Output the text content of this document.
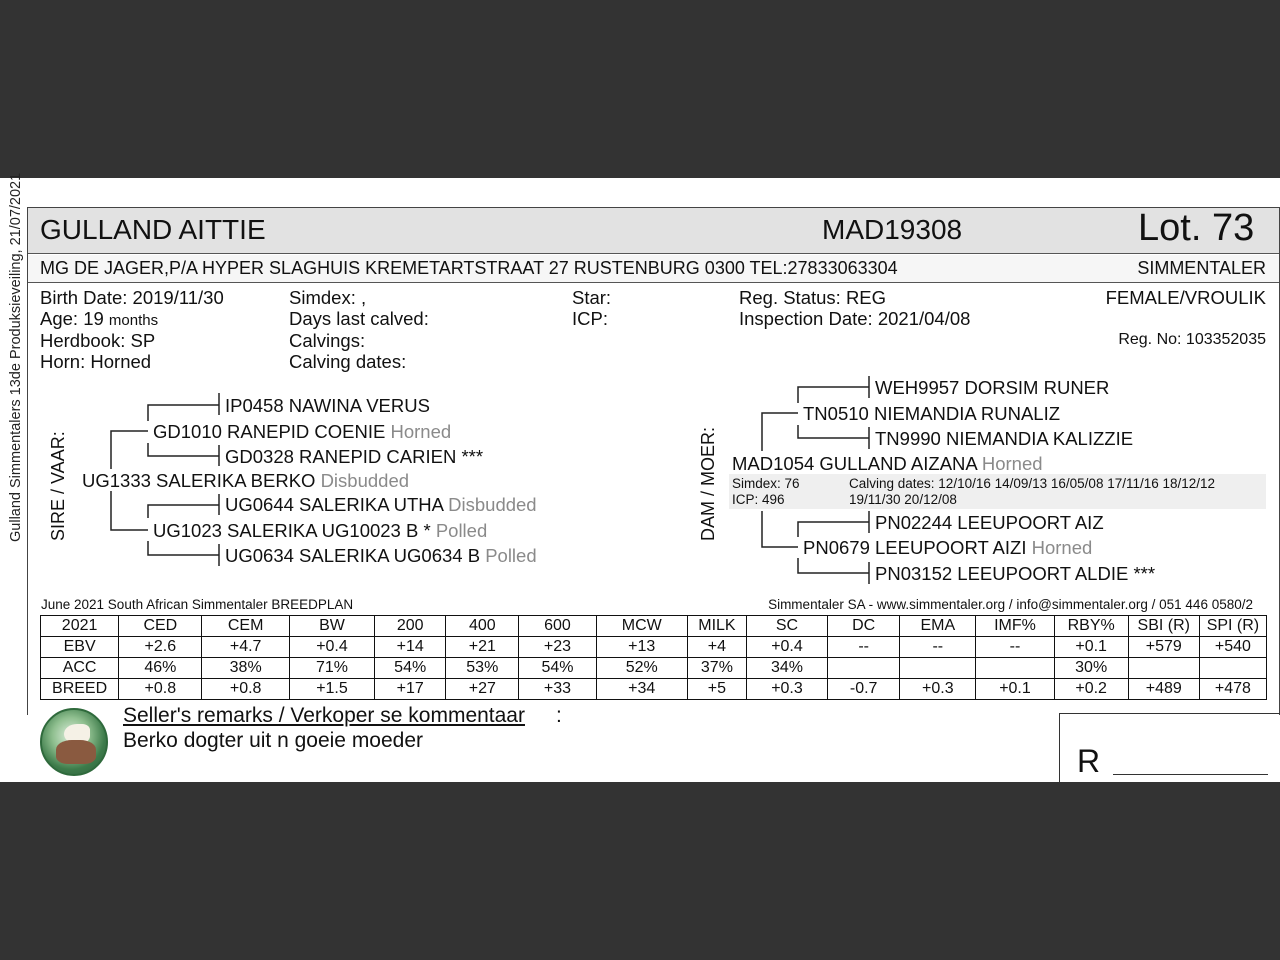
Gulland Simmentalers 13de Produksieveiling, 21/07/2021 GULLAND AITTIE	MAD19308	Lot. 73
MG DE JAGER,P/A HYPER SLAGHUIS KREMETARTSTRAAT 27 RUSTENBURG 0300 TEL:27833063304	SIMMENTALER
Birth Date: 2019/11/30
Age: 19 months
Herdbook: SP
Horn: Horned
Simdex: ,
Days last calved:
Calvings:
Calving dates:
Star:
ICP:
Reg. Status: REG
Inspection Date: 2021/04/08
FEMALE/VROULIK
Reg. No: 103352035
SIRE / VAAR:
IP0458 NAWINA VERUS
GD1010 RANEPID COENIE Horned
GD0328 RANEPID CARIEN ***
UG1333 SALERIKA BERKO Disbudded
UG0644 SALERIKA UTHA Disbudded
UG1023 SALERIKA UG10023 B * Polled
UG0634 SALERIKA UG0634 B Polled
DAM / MOER:
WEH9957 DORSIM RUNER
TN0510 NIEMANDIA RUNALIZ
TN9990 NIEMANDIA KALIZZIE
MAD1054 GULLAND AIZANA Horned
Simdex: 76
ICP: 496
Calving dates: 12/10/16 14/09/13 16/05/08 17/11/16 18/12/12
19/11/30 20/12/08
PN02244 LEEUPOORT AIZ
PN0679 LEEUPOORT AIZI Horned
PN03152 LEEUPOORT ALDIE ***
June 2021 South African Simmentaler BREEDPLAN	Simmentaler SA - www.simmentaler.org / info@simmentaler.org / 051 446 0580/2
2021	CED	CEM	BW	200	400	600	MCW	MILK	SC	DC	EMA	IMF%	RBY%	SBI (R)	SPI (R)
EBV	+2.6	+4.7	+0.4	+14	+21	+23	+13	+4	+0.4	--	--	--	+0.1	+579	+540
ACC	46%	38%	71%	54%	53%	54%	52%	37%	34%				30%		
BREED	+0.8	+0.8	+1.5	+17	+27	+33	+34	+5	+0.3	-0.7	+0.3	+0.1	+0.2	+489	+478
Seller's remarks / Verkoper se kommentaar :
Berko dogter uit n goeie moeder
R
